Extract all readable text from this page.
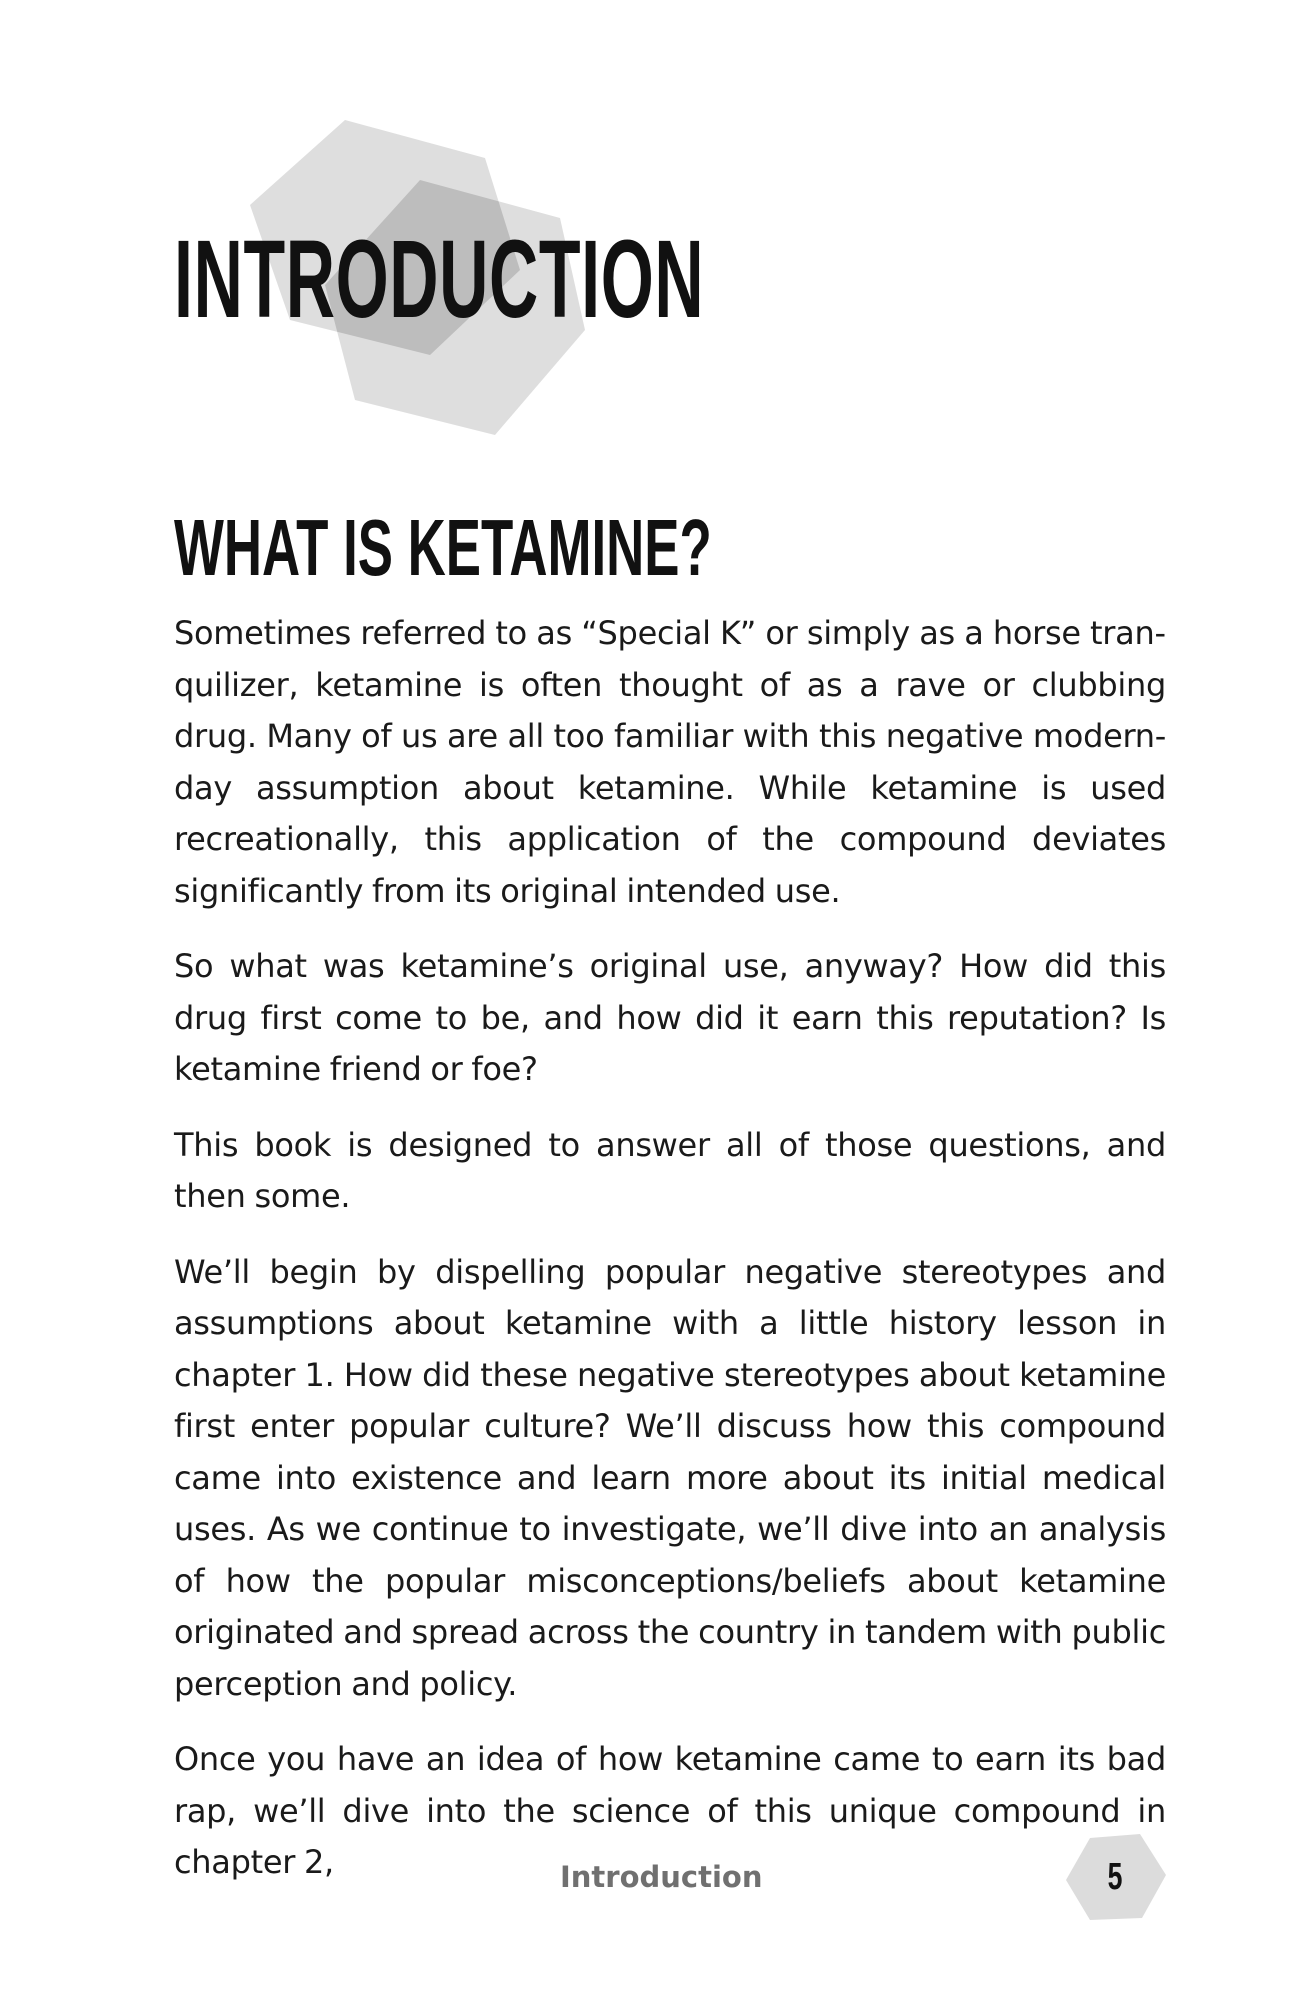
INTRODUCTION
WHAT IS KETAMINE?

Sometimes referred to as “Special K” or simply as a horse tranquilizer, ketamine is often thought of as a rave or clubbing drug. Many of us are all too familiar with this negative modern-day assumption about ketamine. While ketamine is used recreationally, this application of the compound deviates significantly from its original intended use.

So what was ketamine’s original use, anyway? How did this drug first come to be, and how did it earn this reputation? Is ketamine friend or foe?

This book is designed to answer all of those questions, and then some.

We’ll begin by dispelling popular negative stereotypes and assumptions about ketamine with a little history lesson in chapter 1. How did these negative stereotypes about ketamine first enter popular culture? We’ll discuss how this compound came into existence and learn more about its initial medical uses. As we continue to investigate, we’ll dive into an analysis of how the popular misconceptions/beliefs about ketamine originated and spread across the country in tandem with public perception and policy.

Once you have an idea of how ketamine came to earn its bad rap, we’ll dive into the science of this unique compound in chapter 2,	Introduction	5
